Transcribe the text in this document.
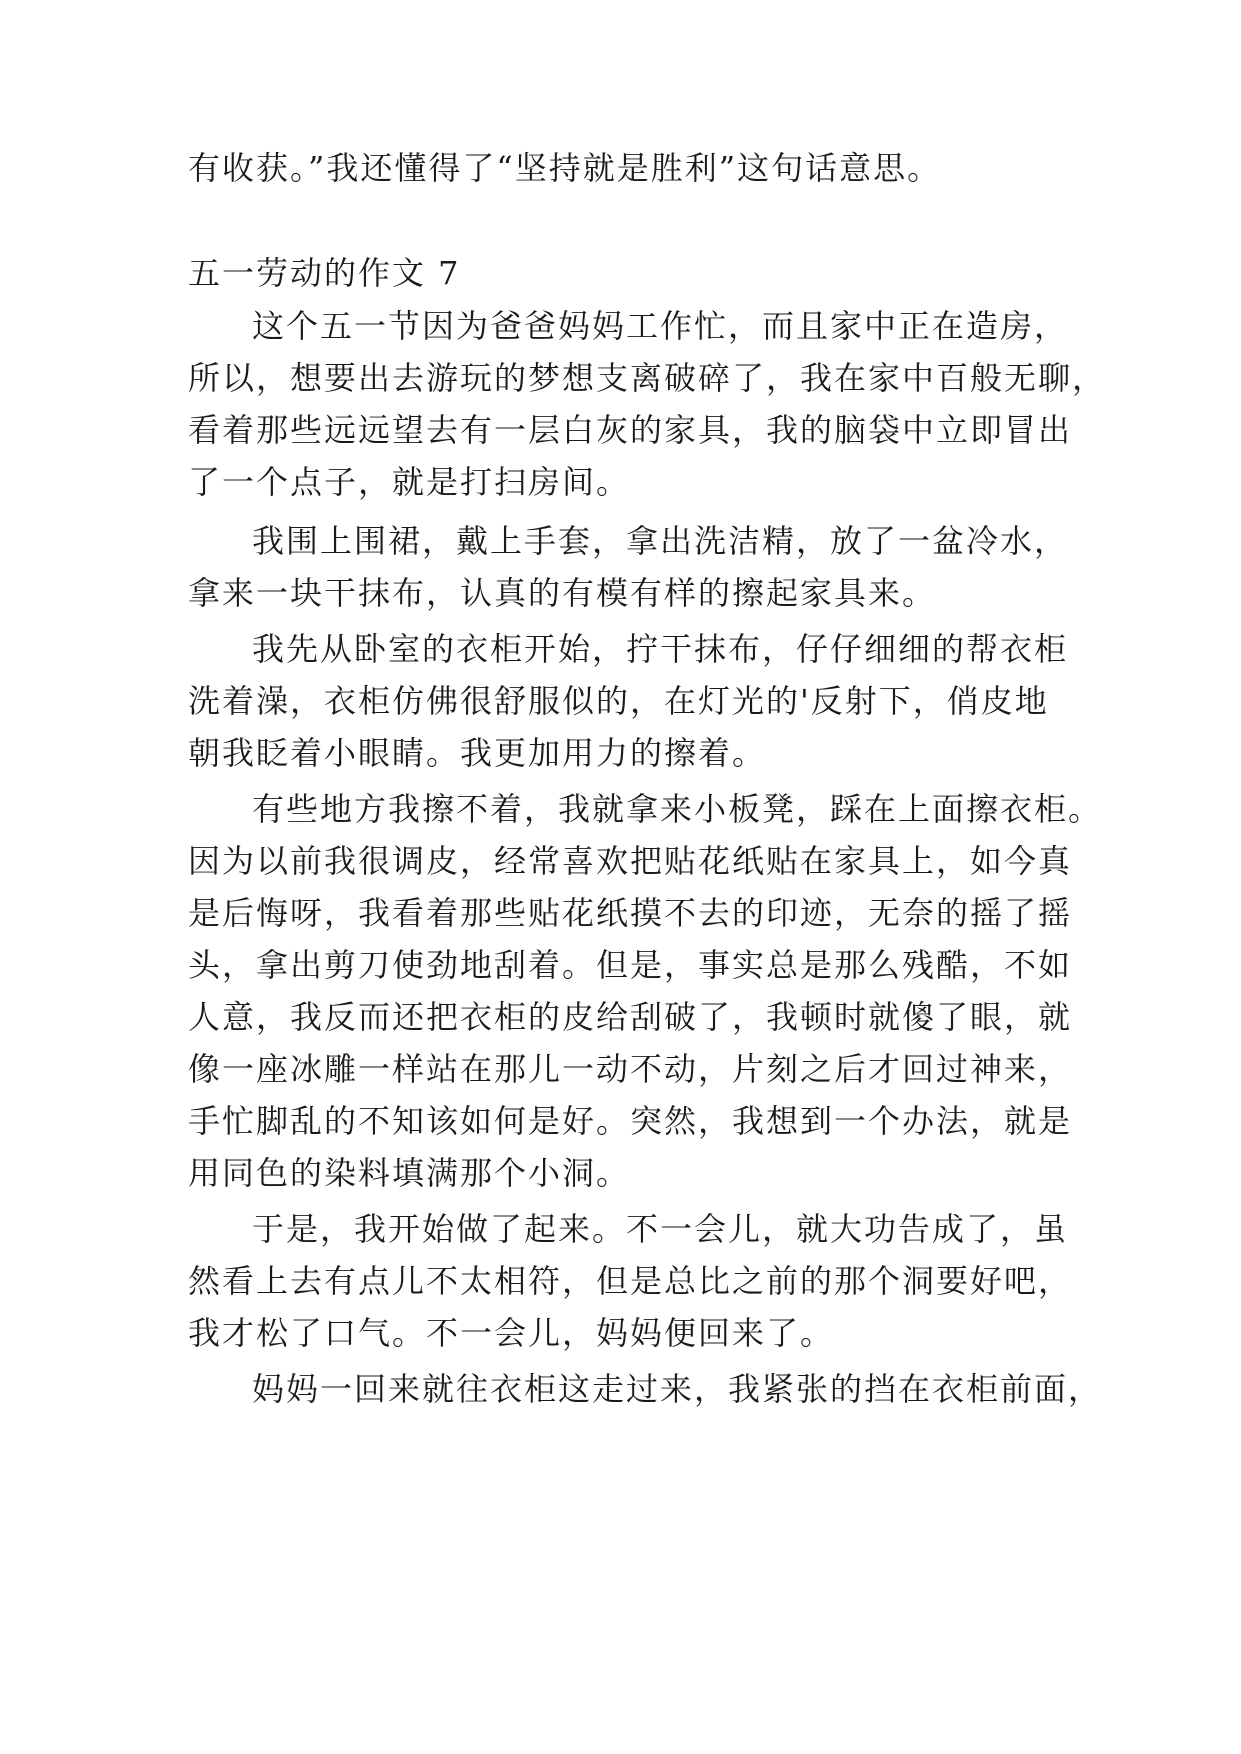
有收获。”我还懂得了“坚持就是胜利”这句话意思。
五一劳动的作文 7
这个五一节因为爸爸妈妈工作忙，而且家中正在造房，
所以，想要出去游玩的梦想支离破碎了，我在家中百般无聊，
看着那些远远望去有一层白灰的家具，我的脑袋中立即冒出
了一个点子，就是打扫房间。
我围上围裙，戴上手套，拿出洗洁精，放了一盆冷水，
拿来一块干抹布，认真的有模有样的擦起家具来。
我先从卧室的衣柜开始，拧干抹布，仔仔细细的帮衣柜
洗着澡，衣柜仿佛很舒服似的，在灯光的'反射下，俏皮地
朝我眨着小眼睛。我更加用力的擦着。
有些地方我擦不着，我就拿来小板凳，踩在上面擦衣柜。
因为以前我很调皮，经常喜欢把贴花纸贴在家具上，如今真
是后悔呀，我看着那些贴花纸摸不去的印迹，无奈的摇了摇
头，拿出剪刀使劲地刮着。但是，事实总是那么残酷，不如
人意，我反而还把衣柜的皮给刮破了，我顿时就傻了眼，就
像一座冰雕一样站在那儿一动不动，片刻之后才回过神来，
手忙脚乱的不知该如何是好。突然，我想到一个办法，就是
用同色的染料填满那个小洞。
于是，我开始做了起来。不一会儿，就大功告成了，虽
然看上去有点儿不太相符，但是总比之前的那个洞要好吧，
我才松了口气。不一会儿，妈妈便回来了。
妈妈一回来就往衣柜这走过来，我紧张的挡在衣柜前面，
